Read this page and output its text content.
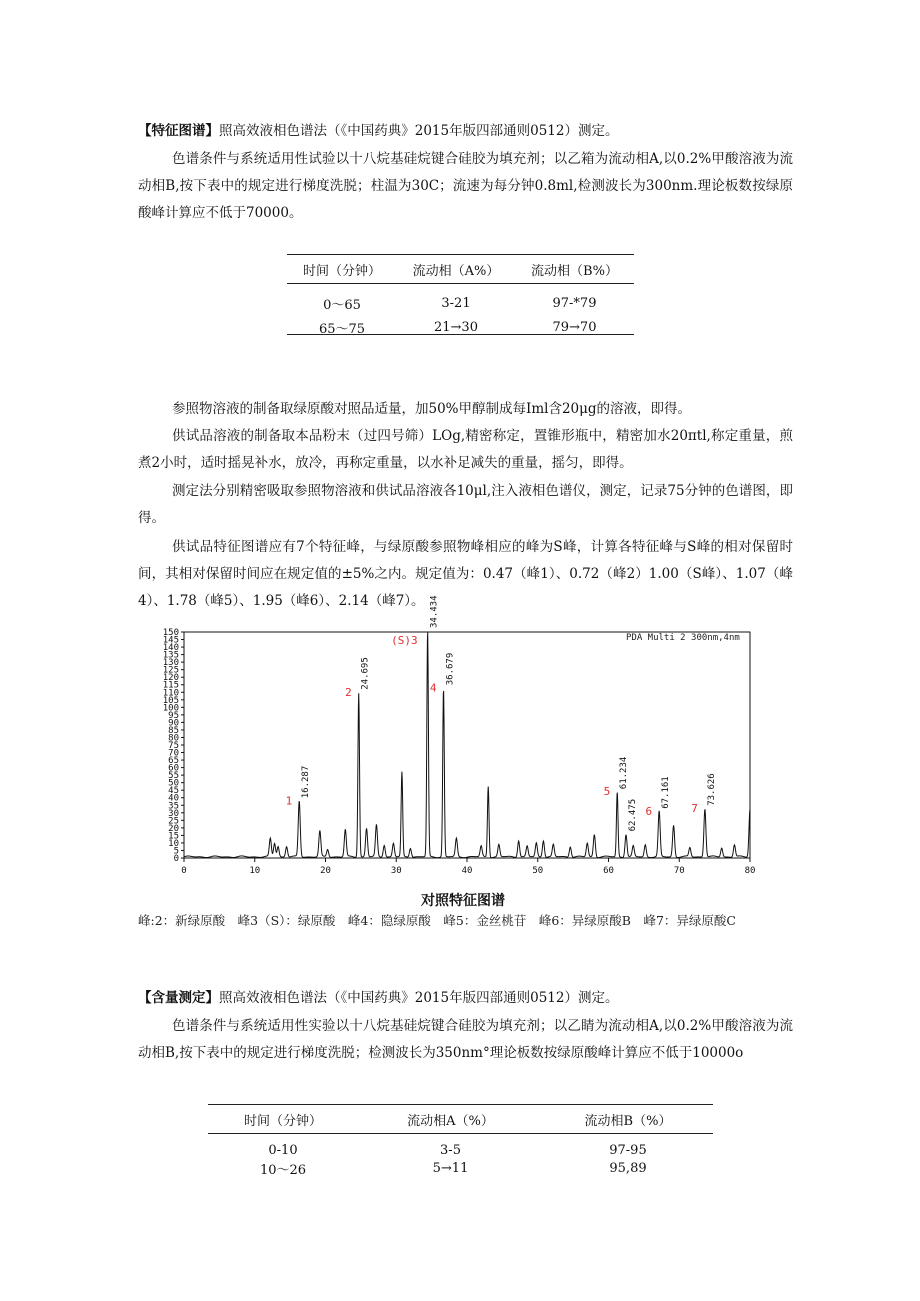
【特征图谱】照高效液相色谱法（《中国药典》2015年版四部通则0512）测定。

色谱条件与系统适用性试验以十八烷基硅烷键合硅胶为填充剂；以乙箱为流动相A,以0.2%甲酸溶液为流动相B,按下表中的规定进行梯度洗脱；柱温为30C；流速为每分钟0.8ml,检测波长为300nm.理论板数按绿原酸峰计算应不低于70000。

时间（分钟）	流动相（A%）	流动相（B%）

0～65	3-21	97-*79
65～75	21→30	79→70

参照物溶液的制备取绿原酸对照品适量，加50%甲醇制成每Iml含20μg的溶液，即得。

供试品溶液的制备取本品粉末（过四号筛）LOg,精密称定，置锥形瓶中，精密加水20πtl,称定重量，煎煮2小时，适时摇晃补水，放冷，再称定重量，以水补足减失的重量，摇匀，即得。

测定法分别精密吸取参照物溶液和供试品溶液各10μl,注入液相色谱仪，测定，记录75分钟的色谱图，即得。

供试品特征图谱应有7个特征峰，与绿原酸参照物峰相应的峰为S峰，计算各特征峰与S峰的相对保留时间，其相对保留时间应在规定值的±5%之内。规定值为：0.47（峰1）、0.72（峰2）1.00（S峰）、1.07（峰4）、1.78（峰5）、1.95（峰6）、2.14（峰7）。

0
5
10
15
20
25
30
35
40
45
50
55
60
65
70
75
80
85
90
95
100
105
110
115
120
125
130
135
140
145
150
0	10	20	30	40	50	60	70	80
16.287
1
24.695
2
34.434
(S)3
36.679
4
61.234
5
62.475
67.161
6
73.626
7
PDA Multi 2 300nm,4nm
对照特征图谱
峰:2：新绿原酸　峰3（S）：绿原酸　峰4：隐绿原酸　峰5：金丝桃苷　峰6：异绿原酸B　峰7：异绿原酸C

【含量测定】照高效液相色谱法（《中国药典》2015年版四部通则0512）测定。

色谱条件与系统适用性实验以十八烷基硅烷键合硅胶为填充剂；以乙睛为流动相A,以0.2%甲酸溶液为流动相B,按下表中的规定进行梯度洗脱；检测波长为350nm°理论板数按绿原酸峰计算应不低于10000o

时间（分钟）	流动相A（%）	流动相B（%）

0-10	3-5	97-95
10～26	5→11	95,89
